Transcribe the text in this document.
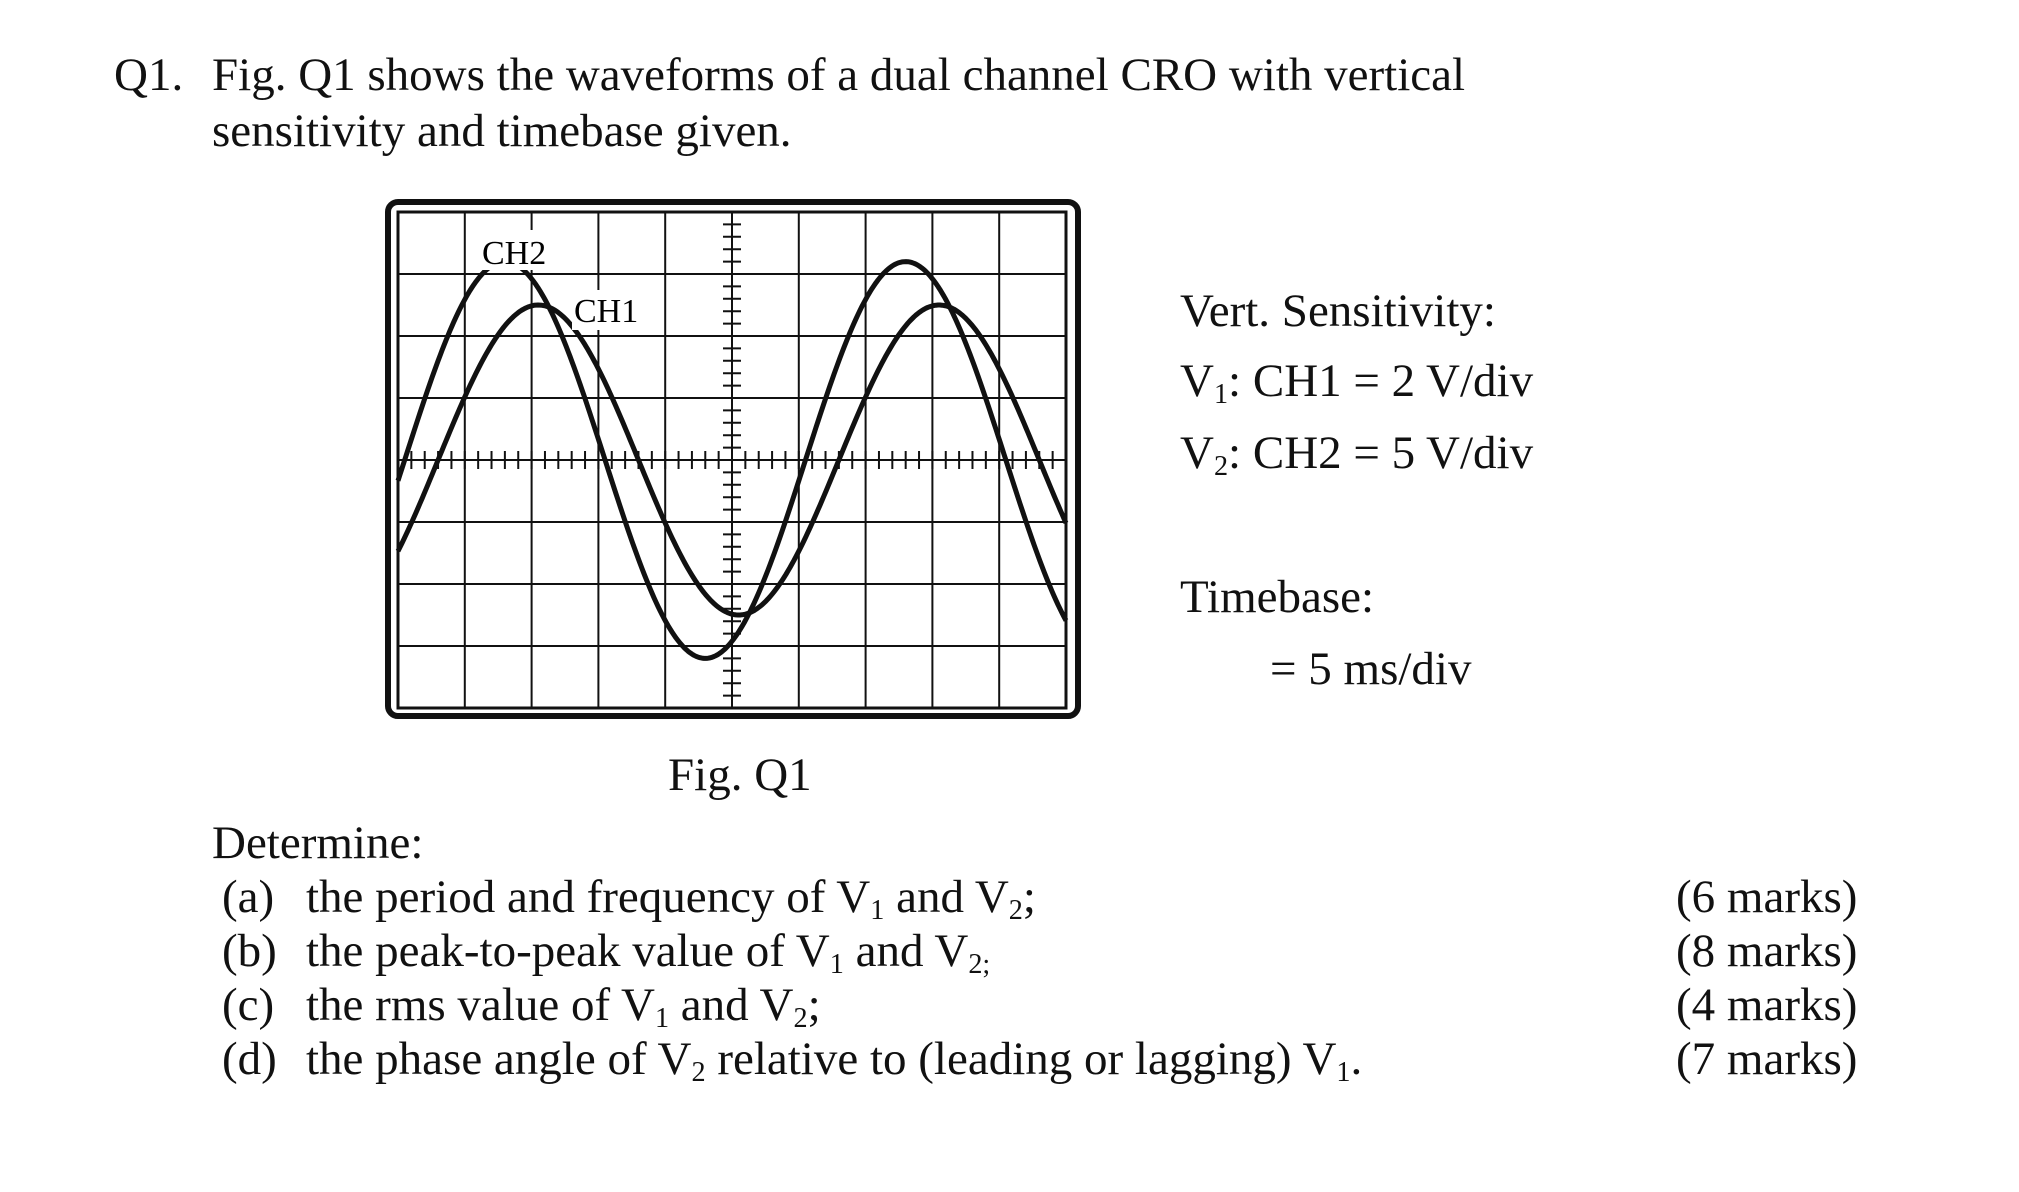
Q1. Fig. Q1 shows the waveforms of a dual channel CRO with vertical
sensitivity and timebase given.
CH2
CH1
Fig. Q1
Vert. Sensitivity:
$V_1$: CH1 = 2 V/div
$V_2$: CH2 = 5 V/div
Timebase:
= 5 ms/div
Determine:
(a) the period and frequency of $V_1$ and $V_2$;	(6 marks)
(b) the peak-to-peak value of $V_1$ and $V_{2;}$	(8 marks)
(c) the rms value of $V_1$ and $V_2$;	(4 marks)
(d) the phase angle of $V_2$ relative to (leading or lagging) $V_1$.	(7 marks)
